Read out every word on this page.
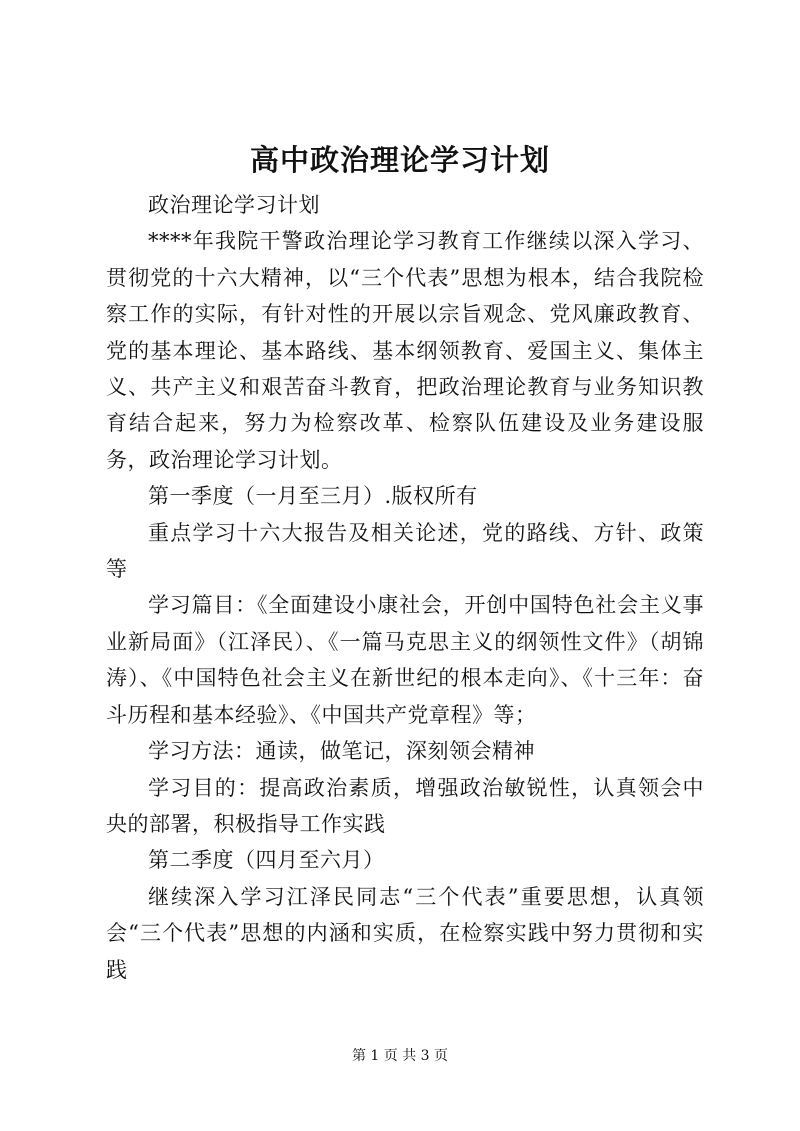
高中政治理论学习计划

政治理论学习计划

****年我院干警政治理论学习教育工作继续以深入学习、贯彻党的十六大精神，以“三个代表”思想为根本，结合我院检察工作的实际，有针对性的开展以宗旨观念、党风廉政教育、党的基本理论、基本路线、基本纲领教育、爱国主义、集体主义、共产主义和艰苦奋斗教育，把政治理论教育与业务知识教育结合起来，努力为检察改革、检察队伍建设及业务建设服务，政治理论学习计划。

第一季度（一月至三月）.版权所有

重点学习十六大报告及相关论述，党的路线、方针、政策等

学习篇目：《全面建设小康社会，开创中国特色社会主义事业新局面》（江泽民）、《一篇马克思主义的纲领性文件》（胡锦涛）、《中国特色社会主义在新世纪的根本走向》、《十三年：奋斗历程和基本经验》、《中国共产党章程》等；

学习方法：通读，做笔记，深刻领会精神

学习目的：提高政治素质，增强政治敏锐性，认真领会中央的部署，积极指导工作实践

第二季度（四月至六月）

继续深入学习江泽民同志“三个代表”重要思想，认真领会“三个代表”思想的内涵和实质，在检察实践中努力贯彻和实践

第 1 页 共 3 页
